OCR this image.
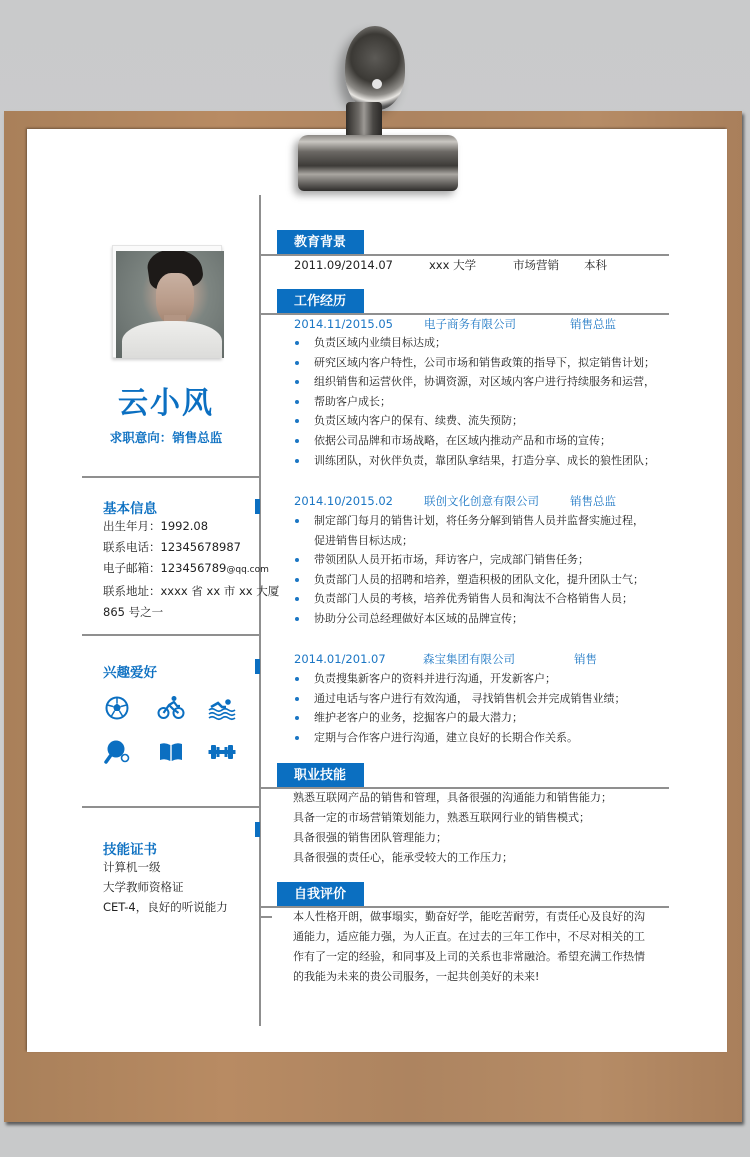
云小风
求职意向：销售总监
基本信息
出生年月：1992.08
联系电话：12345678987
电子邮箱：123456789@qq.com
联系地址：xxxx 省 xx 市 xx 大厦
865 号之一
兴趣爱好
技能证书
计算机一级
大学教师资格证
CET-4，良好的听说能力
教育背景
2011.09/2014.07	xxx 大学	市场营销 本科
工作经历
2014.11/2015.05	电子商务有限公司	销售总监
负责区域内业绩目标达成；
研究区域内客户特性，公司市场和销售政策的指导下，拟定销售计划；
组织销售和运营伙伴，协调资源，对区域内客户进行持续服务和运营，
帮助客户成长；
负责区域内客户的保有、续费、流失预防；
依据公司品牌和市场战略，在区域内推动产品和市场的宣传；
训练团队，对伙伴负责，靠团队拿结果，打造分享、成长的狼性团队；
2014.10/2015.02	联创文化创意有限公司	销售总监
制定部门每月的销售计划，将任务分解到销售人员并监督实施过程，
促进销售目标达成；
带领团队人员开拓市场，拜访客户，完成部门销售任务；
负责部门人员的招聘和培养，塑造积极的团队文化，提升团队士气；
负责部门人员的考核，培养优秀销售人员和淘汰不合格销售人员；
协助分公司总经理做好本区域的品牌宣传；
2014.01/201.07	森宝集团有限公司	销售
负责搜集新客户的资料并进行沟通，开发新客户；
通过电话与客户进行有效沟通， 寻找销售机会并完成销售业绩；
维护老客户的业务，挖掘客户的最大潜力；
定期与合作客户进行沟通，建立良好的长期合作关系。
职业技能
熟悉互联网产品的销售和管理，具备很强的沟通能力和销售能力；
具备一定的市场营销策划能力，熟悉互联网行业的销售模式；
具备很强的销售团队管理能力；
具备很强的责任心，能承受较大的工作压力；
自我评价
本人性格开朗，做事塌实，勤奋好学，能吃苦耐劳，有责任心及良好的沟
通能力，适应能力强，为人正直。在过去的三年工作中，不尽对相关的工
作有了一定的经验，和同事及上司的关系也非常融洽。希望充满工作热情
的我能为未来的贵公司服务，一起共创美好的未来!
